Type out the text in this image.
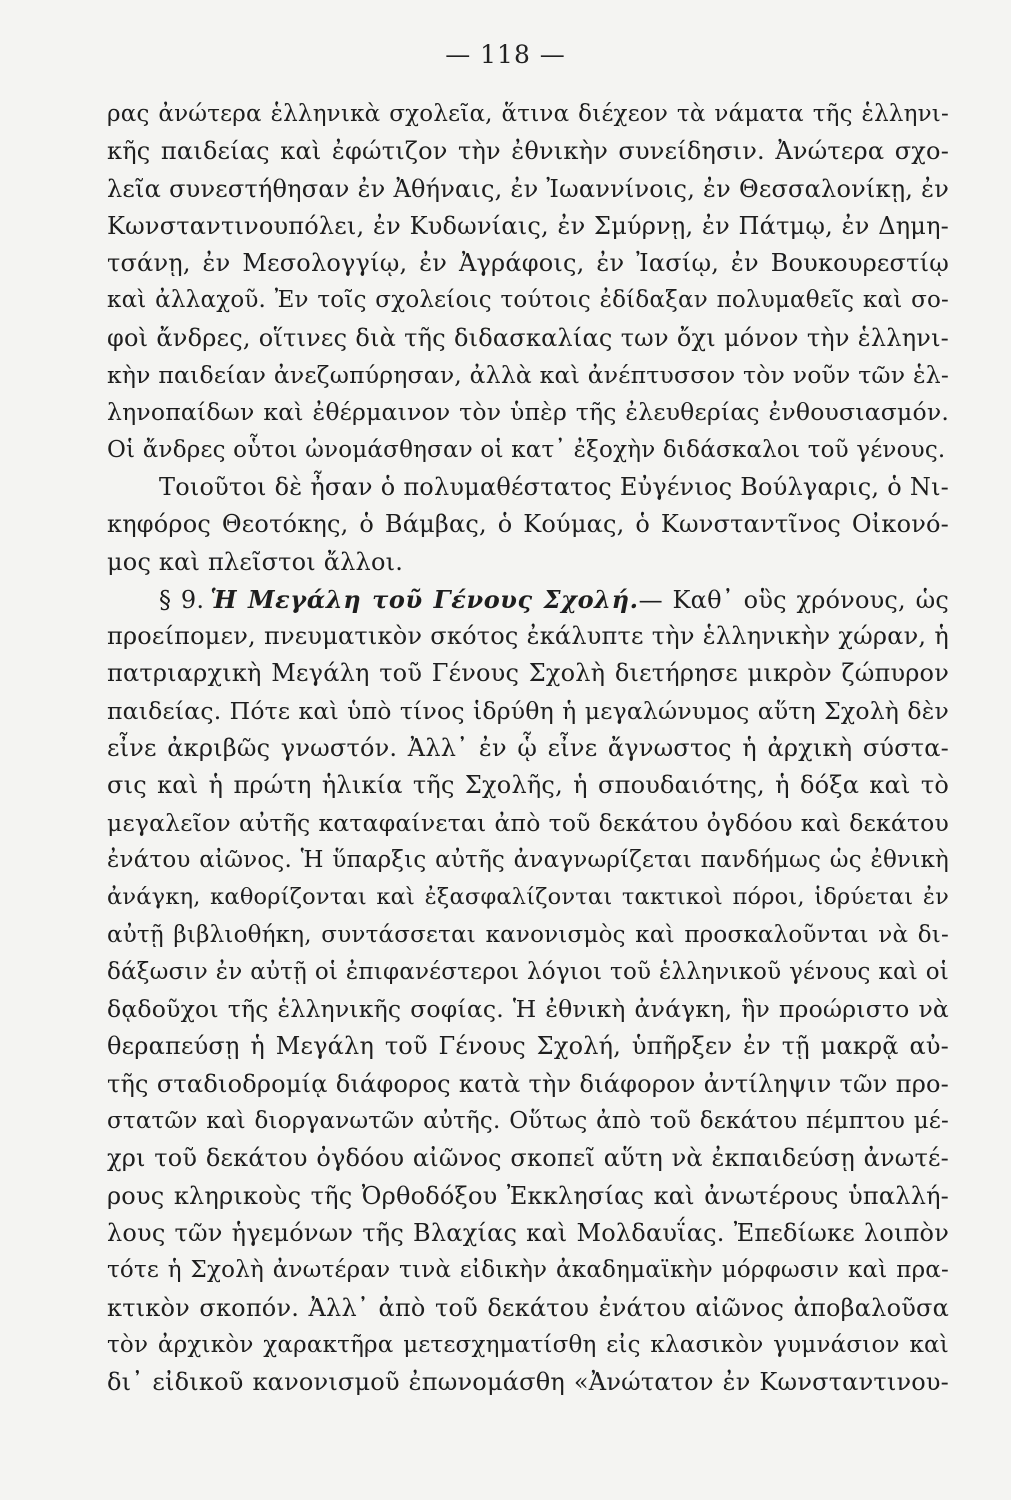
— 118 —
ρας ἀνώτερα ἑλληνικὰ σχολεῖα, ἅτινα διέχεον τὰ νάματα τῆς ἑλληνι-
κῆς παιδείας καὶ ἐφώτιζον τὴν ἐθνικὴν συνείδησιν. Ἀνώτερα σχο-
λεῖα συνεστήθησαν ἐν Ἀθήναις, ἐν Ἰωαννίνοις, ἐν Θεσσαλονίκῃ, ἐν
Κωνσταντινουπόλει, ἐν Κυδωνίαις, ἐν Σμύρνῃ, ἐν Πάτμῳ, ἐν Δημη-
τσάνῃ, ἐν Μεσολογγίῳ, ἐν Ἀγράφοις, ἐν Ἰασίῳ, ἐν Βουκουρεστίῳ
καὶ ἀλλαχοῦ. Ἐν τοῖς σχολείοις τούτοις ἐδίδαξαν πολυμαθεῖς καὶ σο-
φοὶ ἄνδρες, οἵτινες διὰ τῆς διδασκαλίας των ὄχι μόνον τὴν ἑλληνι-
κὴν παιδείαν ἀνεζωπύρησαν, ἀλλὰ καὶ ἀνέπτυσσον τὸν νοῦν τῶν ἑλ-
ληνοπαίδων καὶ ἐθέρμαινον τὸν ὑπὲρ τῆς ἐλευθερίας ἐνθουσιασμόν.
Οἱ ἄνδρες οὗτοι ὠνομάσθησαν οἱ κατ᾽ ἐξοχὴν διδάσκαλοι τοῦ γένους.
Τοιοῦτοι δὲ ἦσαν ὁ πολυμαθέστατος Εὐγένιος Βούλγαρις, ὁ Νι-
κηφόρος Θεοτόκης, ὁ Βάμβας, ὁ Κούμας, ὁ Κωνσταντῖνος Οἰκονό-
μος καὶ πλεῖστοι ἄλλοι.
§ 9. Ἡ Μεγάλη τοῦ Γένους Σχολή.— Καθ᾽ οὓς χρόνους, ὡς
προείπομεν, πνευματικὸν σκότος ἐκάλυπτε τὴν ἑλληνικὴν χώραν, ἡ
πατριαρχικὴ Μεγάλη τοῦ Γένους Σχολὴ διετήρησε μικρὸν ζώπυρον
παιδείας. Πότε καὶ ὑπὸ τίνος ἱδρύθη ἡ μεγαλώνυμος αὕτη Σχολὴ δὲν
εἶνε ἀκριβῶς γνωστόν. Ἀλλ᾽ ἐν ᾧ εἶνε ἄγνωστος ἡ ἀρχικὴ σύστα-
σις καὶ ἡ πρώτη ἡλικία τῆς Σχολῆς, ἡ σπουδαιότης, ἡ δόξα καὶ τὸ
μεγαλεῖον αὐτῆς καταφαίνεται ἀπὸ τοῦ δεκάτου ὀγδόου καὶ δεκάτου
ἐνάτου αἰῶνος. Ἡ ὕπαρξις αὐτῆς ἀναγνωρίζεται πανδήμως ὡς ἐθνικὴ
ἀνάγκη, καθορίζονται καὶ ἐξασφαλίζονται τακτικοὶ πόροι, ἱδρύεται ἐν
αὐτῇ βιβλιοθήκη, συντάσσεται κανονισμὸς καὶ προσκαλοῦνται νὰ δι-
δάξωσιν ἐν αὐτῇ οἱ ἐπιφανέστεροι λόγιοι τοῦ ἑλληνικοῦ γένους καὶ οἱ
δᾳδοῦχοι τῆς ἑλληνικῆς σοφίας. Ἡ ἐθνικὴ ἀνάγκη, ἣν προώριστο νὰ
θεραπεύσῃ ἡ Μεγάλη τοῦ Γένους Σχολή, ὑπῆρξεν ἐν τῇ μακρᾷ αὐ-
τῆς σταδιοδρομίᾳ διάφορος κατὰ τὴν διάφορον ἀντίληψιν τῶν προ-
στατῶν καὶ διοργανωτῶν αὐτῆς. Οὕτως ἀπὸ τοῦ δεκάτου πέμπτου μέ-
χρι τοῦ δεκάτου ὀγδόου αἰῶνος σκοπεῖ αὕτη νὰ ἐκπαιδεύσῃ ἀνωτέ-
ρους κληρικοὺς τῆς Ὀρθοδόξου Ἐκκλησίας καὶ ἀνωτέρους ὑπαλλή-
λους τῶν ἡγεμόνων τῆς Βλαχίας καὶ Μολδαυΐας. Ἐπεδίωκε λοιπὸν
τότε ἡ Σχολὴ ἀνωτέραν τινὰ εἰδικὴν ἀκαδημαϊκὴν μόρφωσιν καὶ πρα-
κτικὸν σκοπόν. Ἀλλ᾽ ἀπὸ τοῦ δεκάτου ἐνάτου αἰῶνος ἀποβαλοῦσα
τὸν ἀρχικὸν χαρακτῆρα μετεσχηματίσθη εἰς κλασικὸν γυμνάσιον καὶ
δι᾽ εἰδικοῦ κανονισμοῦ ἐπωνομάσθη «Ἀνώτατον ἐν Κωνσταντινου-
